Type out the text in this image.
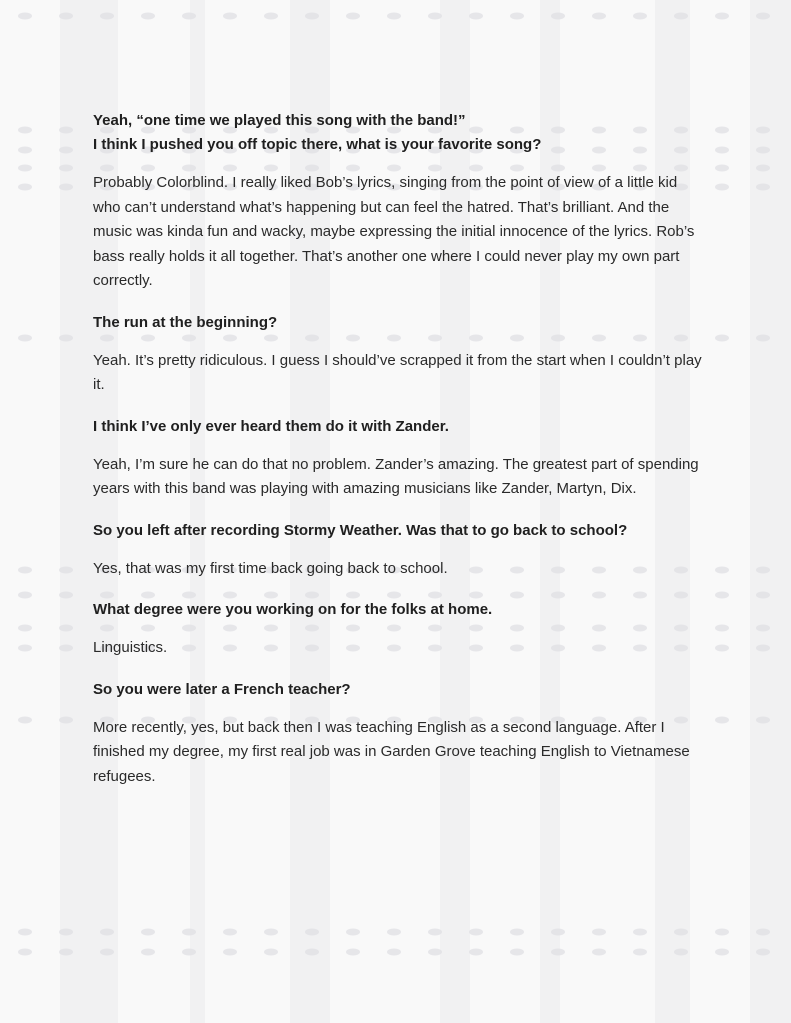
Yeah, “one time we played this song with the band!”

I think I pushed you off topic there, what is your favorite song?

Probably Colorblind. I really liked Bob’s lyrics, singing from the point of view of a little kid who can’t understand what’s happening but can feel the hatred. That’s brilliant. And the music was kinda fun and wacky, maybe expressing the initial innocence of the lyrics. Rob’s bass really holds it all together. That’s another one where I could never play my own part correctly.

The run at the beginning?

Yeah. It’s pretty ridiculous. I guess I should’ve scrapped it from the start when I couldn’t play it.

I think I’ve only ever heard them do it with Zander.

Yeah, I’m sure he can do that no problem. Zander’s amazing. The greatest part of spending years with this band was playing with amazing musicians like Zander, Martyn, Dix.

So you left after recording Stormy Weather. Was that to go back to school?

Yes, that was my first time back going back to school.

What degree were you working on for the folks at home.

Linguistics.

So you were later a French teacher?

More recently, yes, but back then I was teaching English as a second language. After I finished my degree, my first real job was in Garden Grove teaching English to Vietnamese refugees.
